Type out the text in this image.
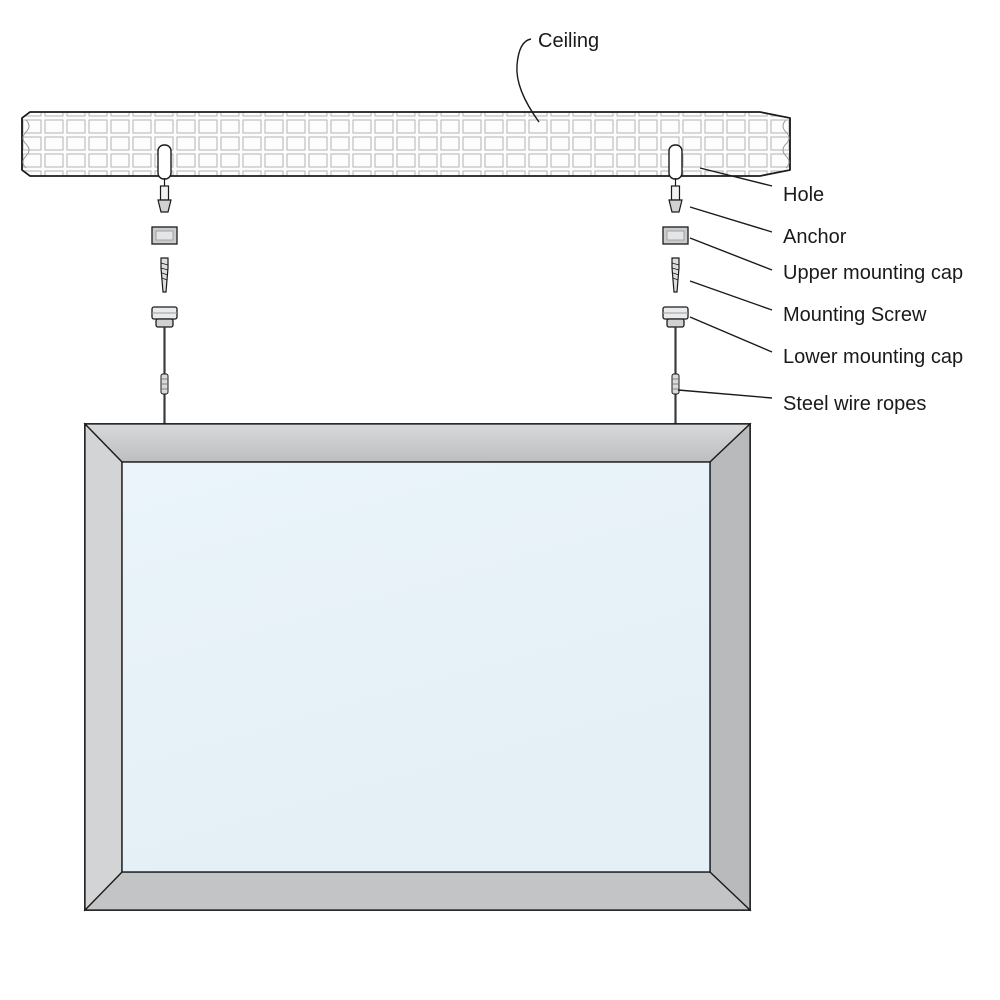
Ceiling
Hole
Anchor
Upper mounting cap
Mounting Screw
Lower mounting cap
Steel wire ropes
